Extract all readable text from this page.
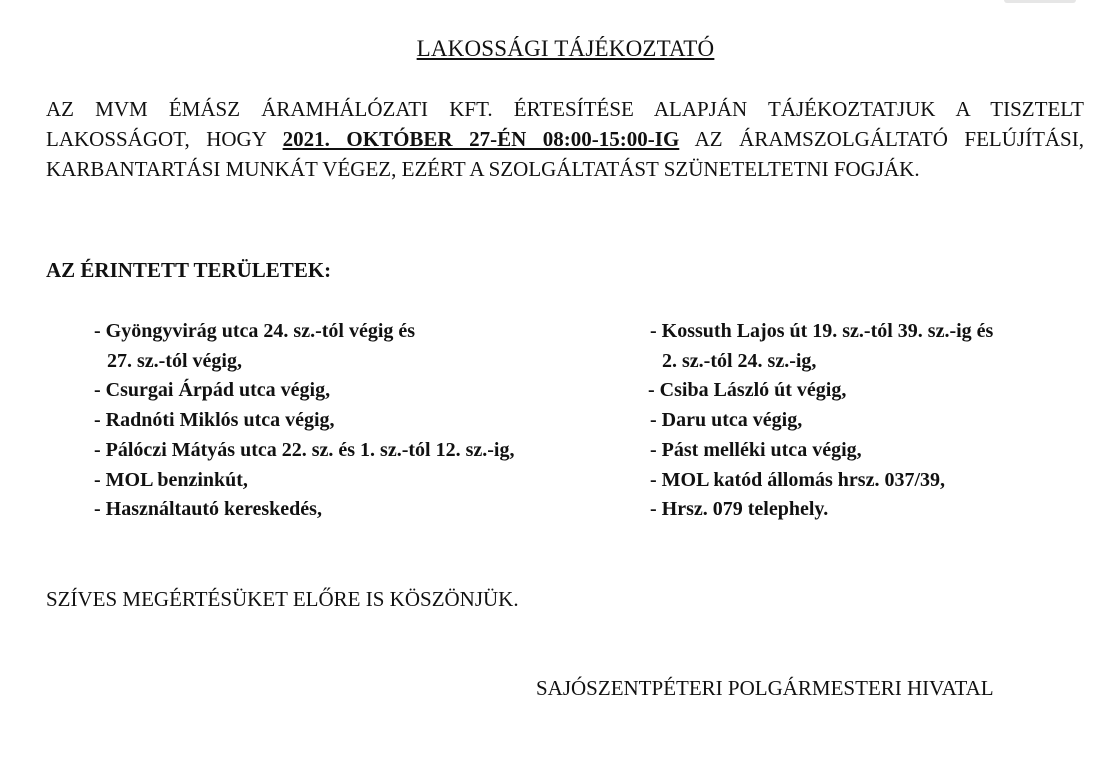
LAKOSSÁGI TÁJÉKOZTATÓ
AZ MVM ÉMÁSZ ÁRAMHÁLÓZATI KFT. ÉRTESÍTÉSE ALAPJÁN TÁJÉKOZTATJUK A TISZTELT LAKOSSÁGOT, HOGY 2021. OKTÓBER 27-ÉN 08:00-15:00-IG AZ ÁRAMSZOLGÁLTATÓ FELÚJÍTÁSI, KARBANTARTÁSI MUNKÁT VÉGEZ, EZÉRT A SZOLGÁLTATÁST SZÜNETELTETNI FOGJÁK.
AZ ÉRINTETT TERÜLETEK:
- Gyöngyvirág utca 24. sz.-tól végig és
27. sz.-tól végig,
- Csurgai Árpád utca végig,
- Radnóti Miklós utca végig,
- Pálóczi Mátyás utca 22. sz. és 1. sz.-tól 12. sz.-ig,
- MOL benzinkút,
- Használtautó kereskedés,
- Kossuth Lajos út 19. sz.-tól 39. sz.-ig és
2. sz.-tól 24. sz.-ig,
- Csiba László út végig,
- Daru utca végig,
- Pást melléki utca végig,
- MOL katód állomás hrsz. 037/39,
- Hrsz. 079 telephely.
SZÍVES MEGÉRTÉSÜKET ELŐRE IS KÖSZÖNJÜK.
SAJÓSZENTPÉTERI POLGÁRMESTERI HIVATAL
